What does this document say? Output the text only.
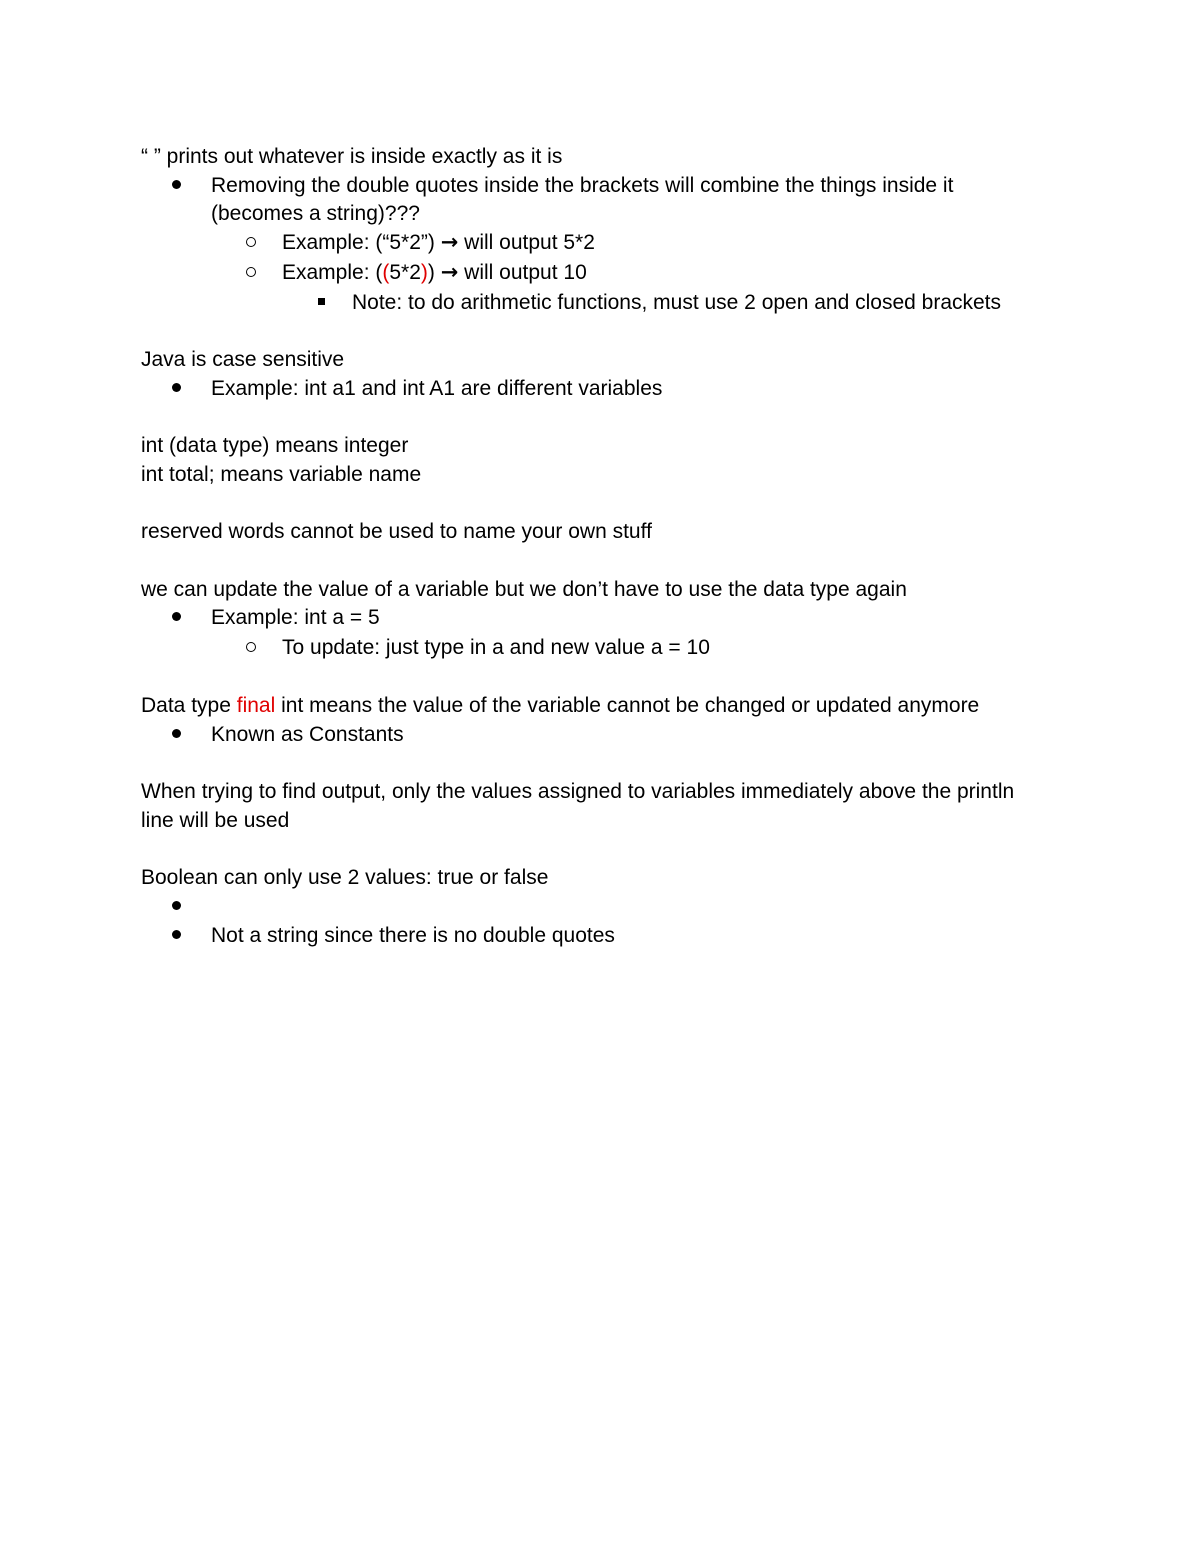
“ ” prints out whatever is inside exactly as it is
Removing the double quotes inside the brackets will combine the things inside it
(becomes a string)???
Example: (“5*2”) → will output 5*2
Example: ((5*2)) → will output 10
Note: to do arithmetic functions, must use 2 open and closed brackets
Java is case sensitive
Example: int a1 and int A1 are different variables
int (data type) means integer
int total; means variable name
reserved words cannot be used to name your own stuff
we can update the value of a variable but we don’t have to use the data type again
Example: int a = 5
To update: just type in a and new value a = 10
Data type final int means the value of the variable cannot be changed or updated anymore
Known as Constants
When trying to find output, only the values assigned to variables immediately above the println
line will be used
Boolean can only use 2 values: true or false
Not a string since there is no double quotes
